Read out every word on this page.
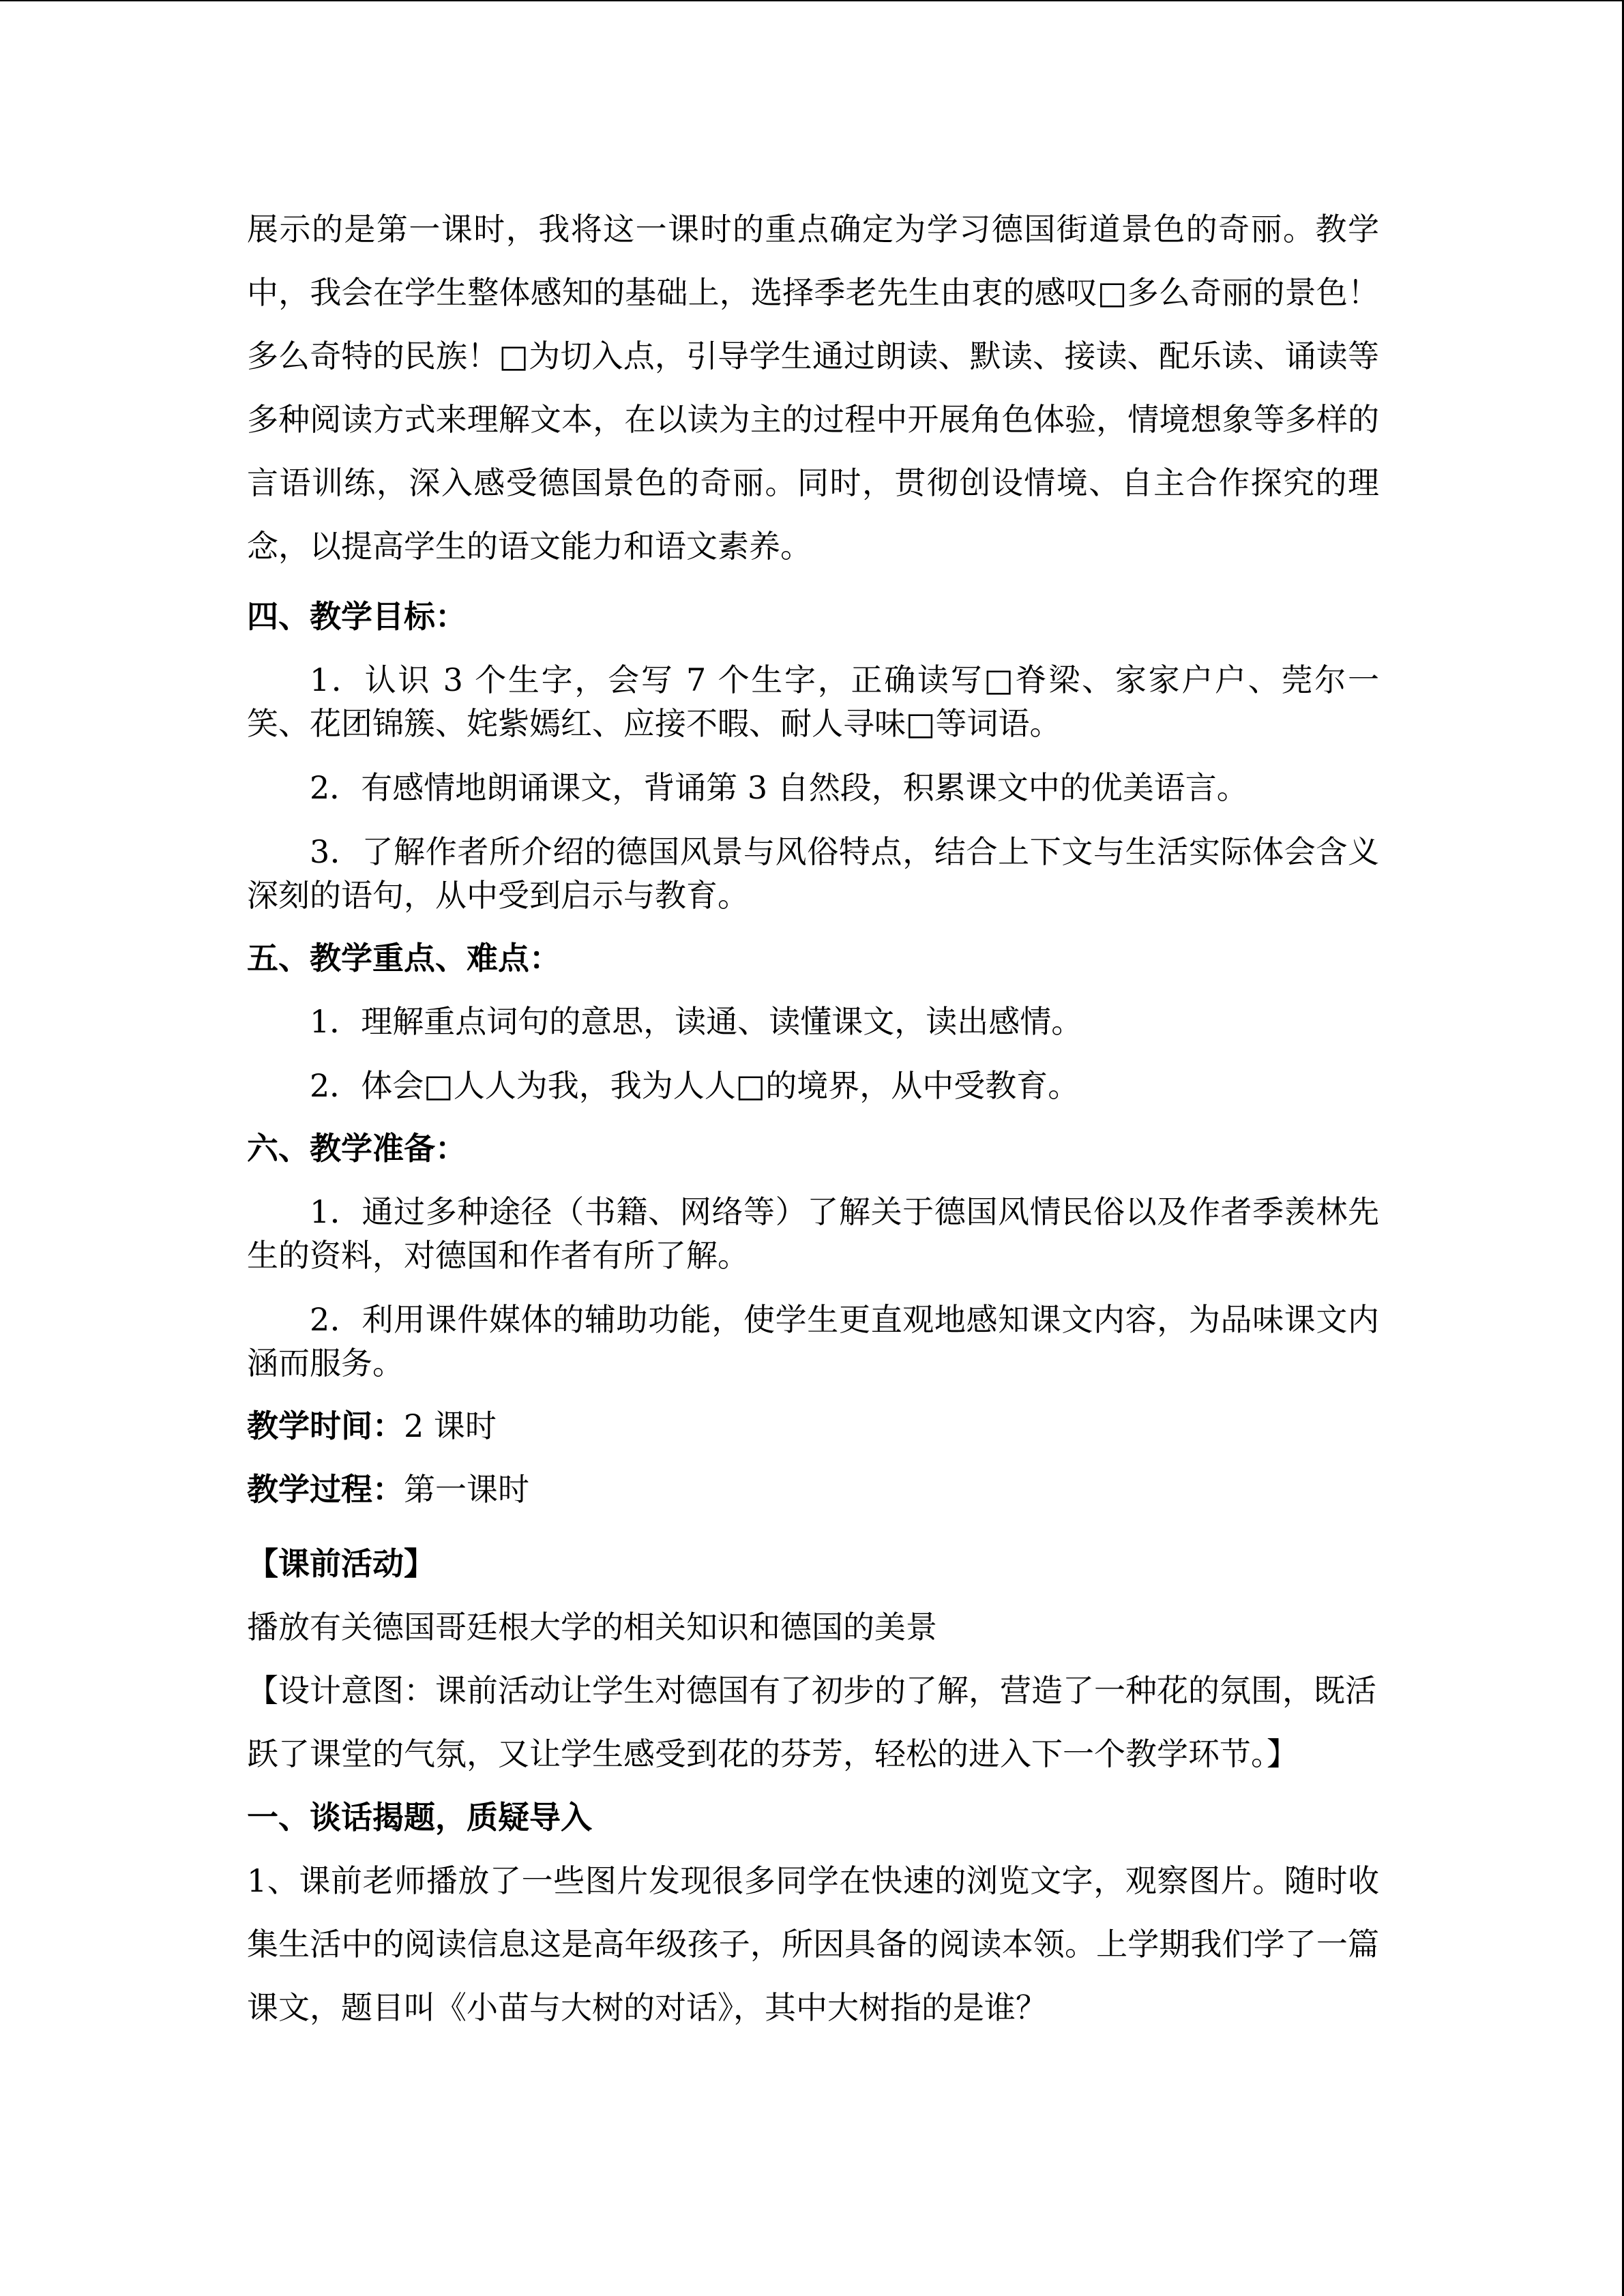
展示的是第一课时，我将这一课时的重点确定为学习德国街道景色的奇丽。教学中，我会在学生整体感知的基础上，选择季老先生由衷的感叹□多么奇丽的景色！多么奇特的民族！□为切入点，引导学生通过朗读、默读、接读、配乐读、诵读等多种阅读方式来理解文本，在以读为主的过程中开展角色体验，情境想象等多样的言语训练，深入感受德国景色的奇丽。同时，贯彻创设情境、自主合作探究的理念，以提高学生的语文能力和语文素养。

四、教学目标：

1．认识 3 个生字，会写 7 个生字，正确读写□脊梁、家家户户、莞尔一笑、花团锦簇、姹紫嫣红、应接不暇、耐人寻味□等词语。

2．有感情地朗诵课文，背诵第 3 自然段，积累课文中的优美语言。

3．了解作者所介绍的德国风景与风俗特点，结合上下文与生活实际体会含义深刻的语句，从中受到启示与教育。

五、教学重点、难点：

1．理解重点词句的意思，读通、读懂课文，读出感情。

2．体会□人人为我，我为人人□的境界，从中受教育。

六、教学准备：

1．通过多种途径（书籍、网络等）了解关于德国风情民俗以及作者季羡林先生的资料，对德国和作者有所了解。

2．利用课件媒体的辅助功能，使学生更直观地感知课文内容，为品味课文内涵而服务。

教学时间：2 课时

教学过程：第一课时

【课前活动】

播放有关德国哥廷根大学的相关知识和德国的美景

【设计意图：课前活动让学生对德国有了初步的了解，营造了一种花的氛围，既活跃了课堂的气氛，又让学生感受到花的芬芳，轻松的进入下一个教学环节。】

一、谈话揭题，质疑导入

1、课前老师播放了一些图片发现很多同学在快速的浏览文字，观察图片。随时收集生活中的阅读信息这是高年级孩子，所因具备的阅读本领。上学期我们学了一篇课文，题目叫《小苗与大树的对话》，其中大树指的是谁？
